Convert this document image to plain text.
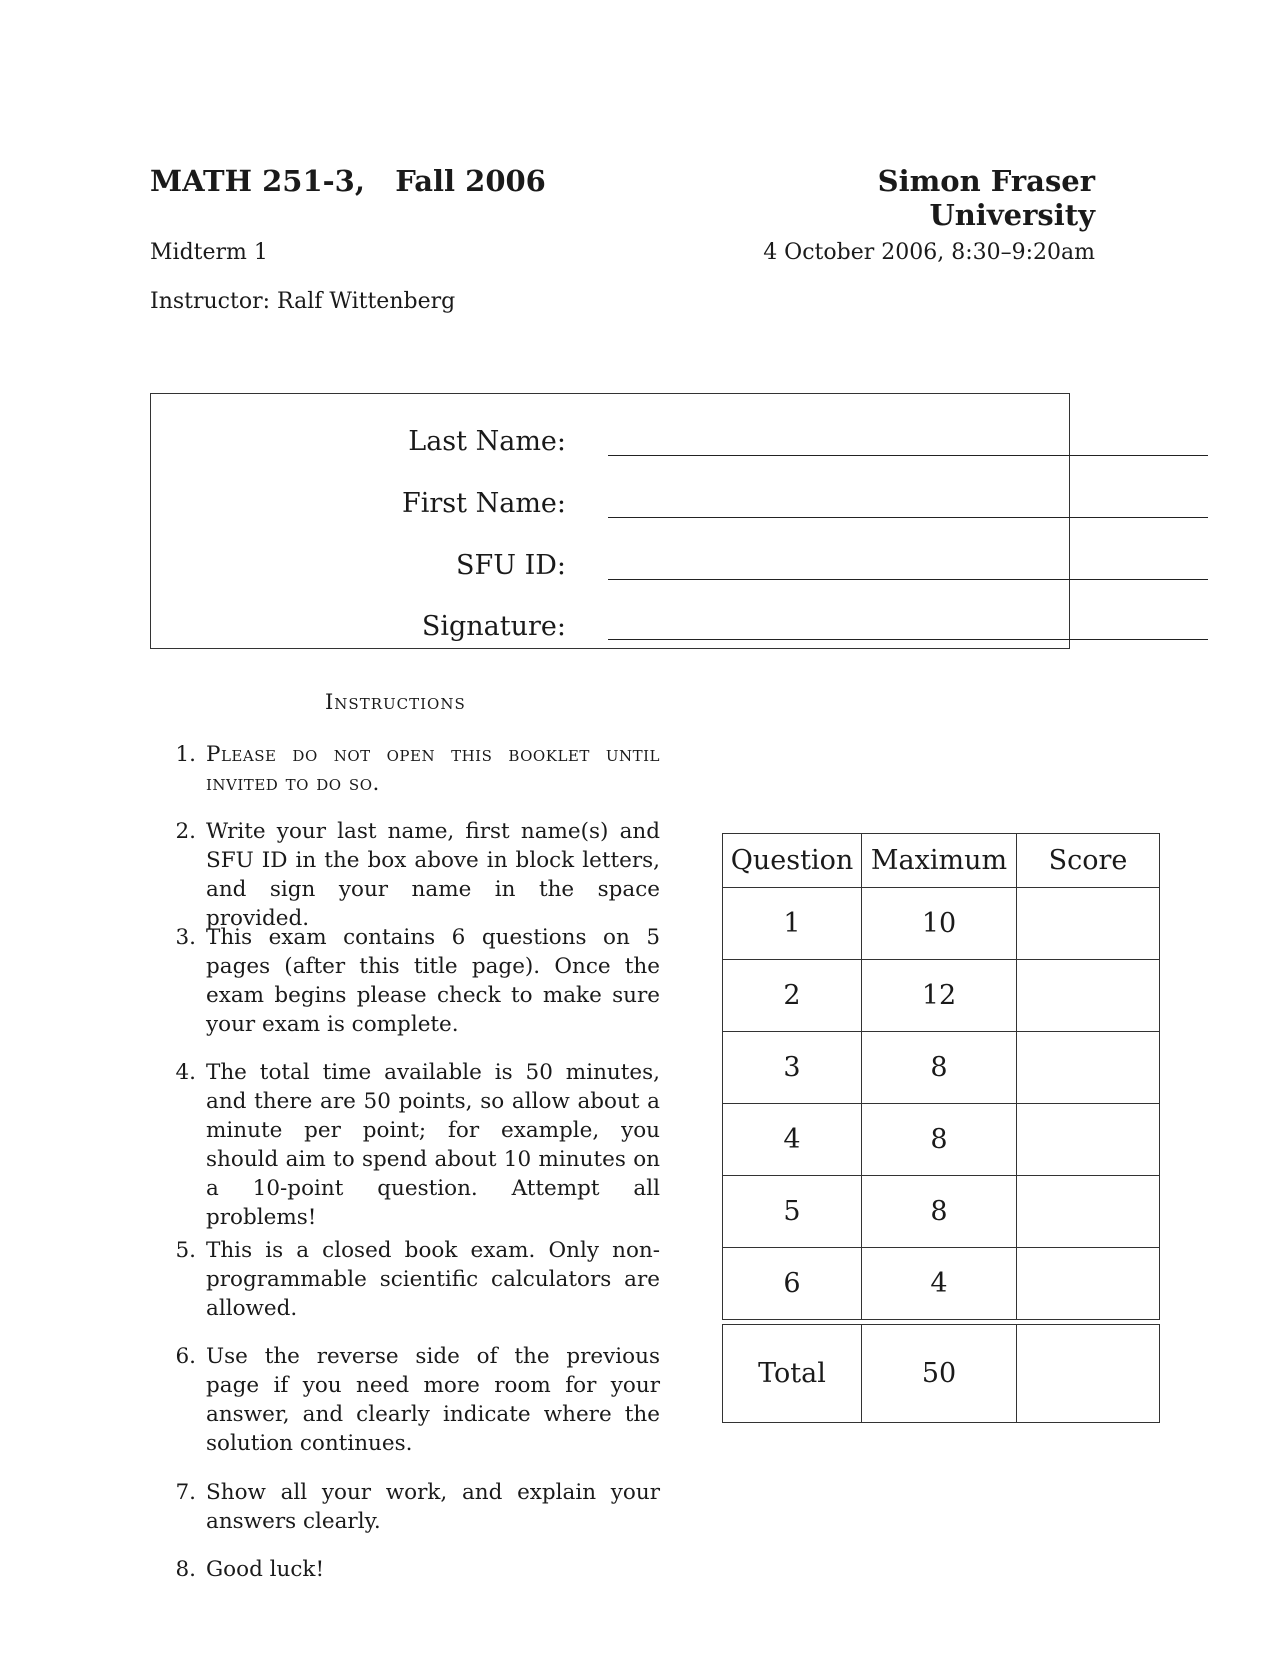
MATH 251-3,   Fall 2006	Simon Fraser University
Midterm 1	4 October 2006, 8:30–9:20am
Instructor: Ralf Wittenberg
Last Name:
First Name:
SFU ID:
Signature:
Instructions
1. Please do not open this booklet until invited to do so.
2. Write your last name, first name(s) and SFU ID in the box above in block letters, and sign your name in the space provided.
3. This exam contains 6 questions on 5 pages (after this title page). Once the exam begins please check to make sure your exam is complete.
4. The total time available is 50 minutes, and there are 50 points, so allow about a minute per point; for example, you should aim to spend about 10 minutes on a 10-point question. Attempt all problems!
5. This is a closed book exam. Only non-programmable scientific calculators are allowed.
6. Use the reverse side of the previous page if you need more room for your answer, and clearly indicate where the solution continues.
7. Show all your work, and explain your answers clearly.
8. Good luck!
Question	Maximum	Score
1	10	
2	12	
3	8	
4	8	
5	8	
6	4	
Total	50	
